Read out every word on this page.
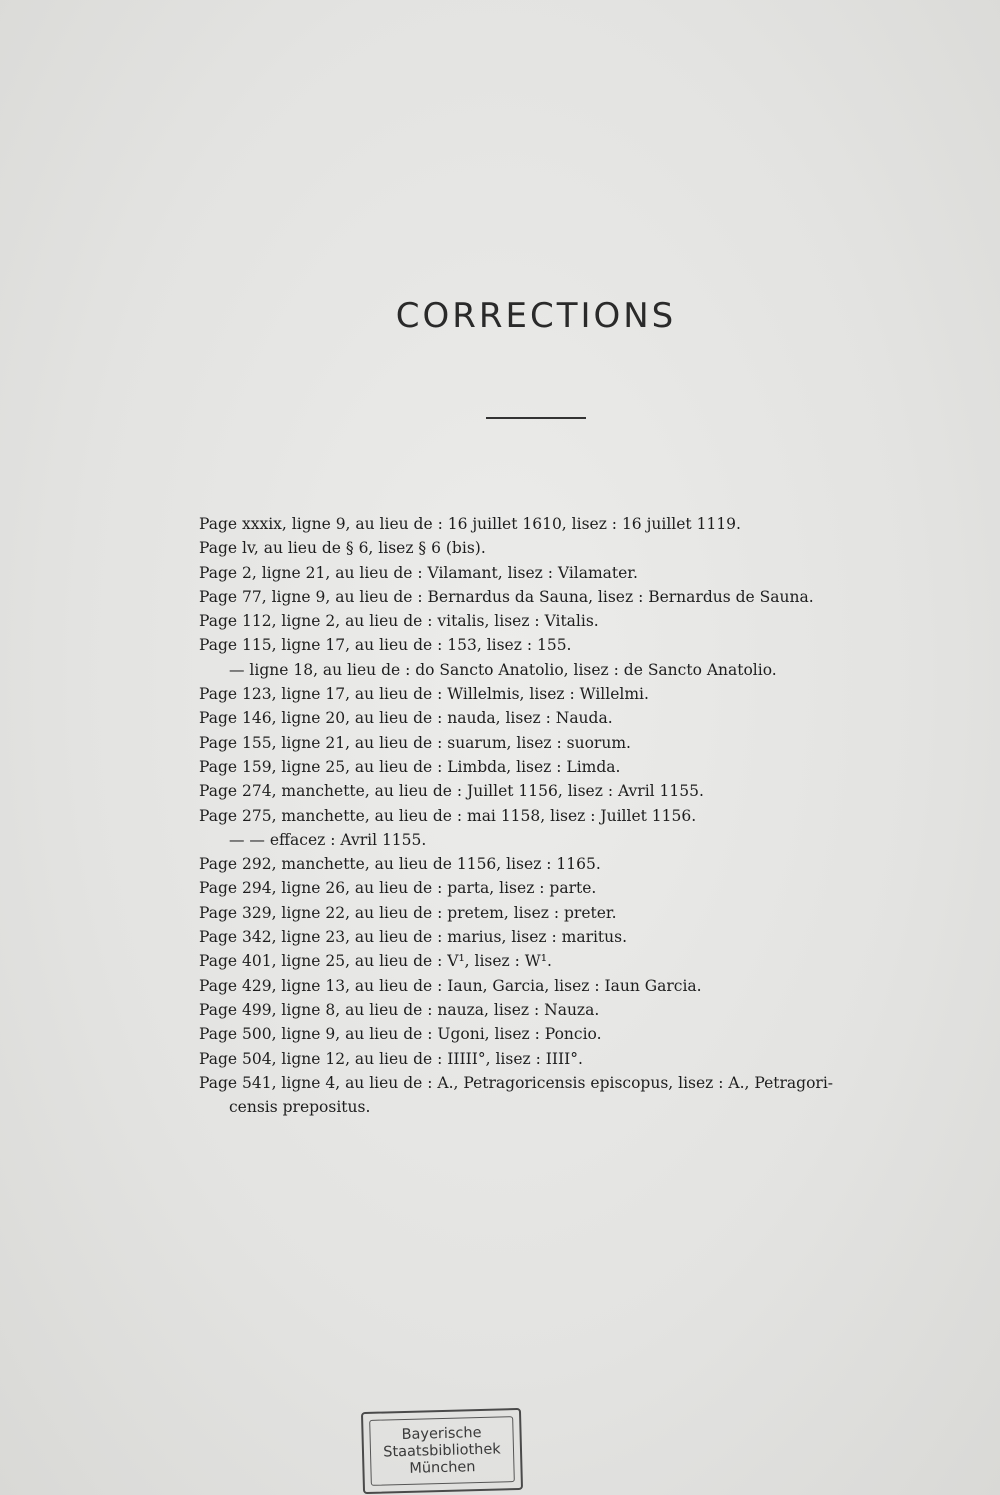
CORRECTIONS
Page xxxix, ligne 9, au lieu de : 16 juillet 1610, lisez : 16 juillet 1119.
Page lv, au lieu de § 6, lisez § 6 (bis).
Page 2, ligne 21, au lieu de : Vilamant, lisez : Vilamater.
Page 77, ligne 9, au lieu de : Bernardus da Sauna, lisez : Bernardus de Sauna.
Page 112, ligne 2, au lieu de : vitalis, lisez : Vitalis.
Page 115, ligne 17, au lieu de : 153, lisez : 155.
— ligne 18, au lieu de : do Sancto Anatolio, lisez : de Sancto Anatolio.
Page 123, ligne 17, au lieu de : Willelmis, lisez : Willelmi.
Page 146, ligne 20, au lieu de : nauda, lisez : Nauda.
Page 155, ligne 21, au lieu de : suarum, lisez : suorum.
Page 159, ligne 25, au lieu de : Limbda, lisez : Limda.
Page 274, manchette, au lieu de : Juillet 1156, lisez : Avril 1155.
Page 275, manchette, au lieu de : mai 1158, lisez : Juillet 1156.
— — effacez : Avril 1155.
Page 292, manchette, au lieu de 1156, lisez : 1165.
Page 294, ligne 26, au lieu de : parta, lisez : parte.
Page 329, ligne 22, au lieu de : pretem, lisez : preter.
Page 342, ligne 23, au lieu de : marius, lisez : maritus.
Page 401, ligne 25, au lieu de : V¹, lisez : W¹.
Page 429, ligne 13, au lieu de : Iaun, Garcia, lisez : Iaun Garcia.
Page 499, ligne 8, au lieu de : nauza, lisez : Nauza.
Page 500, ligne 9, au lieu de : Ugoni, lisez : Poncio.
Page 504, ligne 12, au lieu de : IIIII°, lisez : IIII°.
Page 541, ligne 4, au lieu de : A., Petragoricensis episcopus, lisez : A., Petragori-
censis prepositus.
Bayerische
Staatsbibliothek
München
